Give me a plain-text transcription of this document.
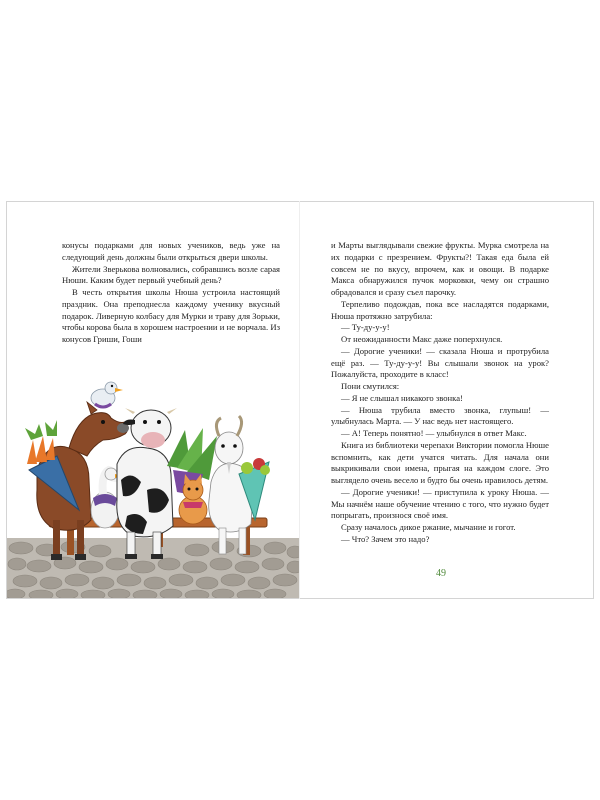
конусы подарками для новых учеников, ведь уже на следующий день должны были открыться двери школы.

Жители Зверькова волновались, собравшись возле сарая Нюши. Каким будет первый учебный день?

В честь открытия школы Нюша устроила настоящий праздник. Она преподнесла каждому ученику вкусный подарок. Ливерную колбасу для Мурки и траву для Зорьки, чтобы корова была в хорошем настроении и не ворчала. Из конусов Гриши, Гоши

и Марты выглядывали свежие фрукты. Мурка смотрела на их подарки с презрением. Фрукты?! Такая еда была ей совсем не по вкусу, впрочем, как и овощи. В подарке Макса обнаружился пучок морковки, чему он страшно обрадовался и сразу съел парочку.

Терпеливо подождав, пока все насладятся подарками, Нюша протяжно затрубила:

— Ту-ду-у-у!

От неожиданности Макс даже поперхнулся.

— Дорогие ученики! — сказала Нюша и протрубила ещё раз. — Ту-ду-у-у! Вы слышали звонок на урок? Пожалуйста, проходите в класс!

Пони смутился:

— Я не слышал никакого звонка!

— Нюша трубила вместо звонка, глупыш! — улыбнулась Марта. — У нас ведь нет настоящего.

— А! Теперь понятно! — улыбнулся в ответ Макс.

Книга из библиотеки черепахи Виктории помогла Нюше вспомнить, как дети учатся читать. Для начала они выкрикивали свои имена, прыгая на каждом слоге. Это выглядело очень весело и будто бы очень нравилось детям.

— Дорогие ученики! — приступила к уроку Нюша. — Мы начнём наше обучение чтению с того, что нужно будет попрыгать, произнося своё имя.

Сразу началось дикое ржание, мычание и гогот.

— Что? Зачем это надо?

49
